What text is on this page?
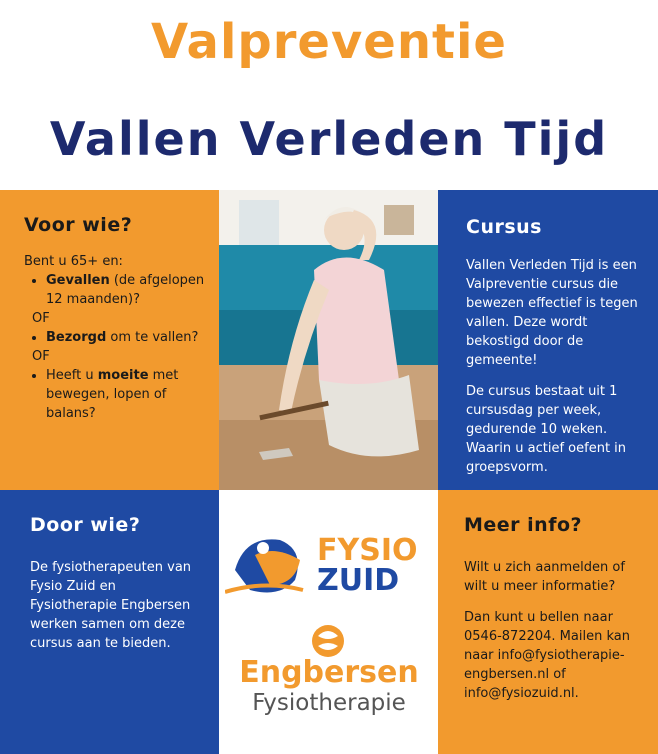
Valpreventie
Vallen Verleden Tijd
Voor wie?

Bent u 65+ en:

• Gevallen (de afgelopen 12 maanden)?
OF
• Bezorgd om te vallen?
OF
• Heeft u moeite met bewegen, lopen of balans?
Cursus

Vallen Verleden Tijd is een Valpreventie cursus die bewezen effectief is tegen vallen. Deze wordt bekostigd door de gemeente!

De cursus bestaat uit 1 cursusdag per week, gedurende 10 weken. Waarin u actief oefent in groepsvorm.

Door wie?

De fysiotherapeuten van Fysio Zuid en Fysiotherapie Engbersen werken samen om deze cursus aan te bieden.

FYSIO
ZUID
Engbersen
Fysiotherapie
Meer info?

Wilt u zich aanmelden of wilt u meer informatie?

Dan kunt u bellen naar 0546-872204. Mailen kan naar info@fysiotherapie-engbersen.nl of info@fysiozuid.nl.
